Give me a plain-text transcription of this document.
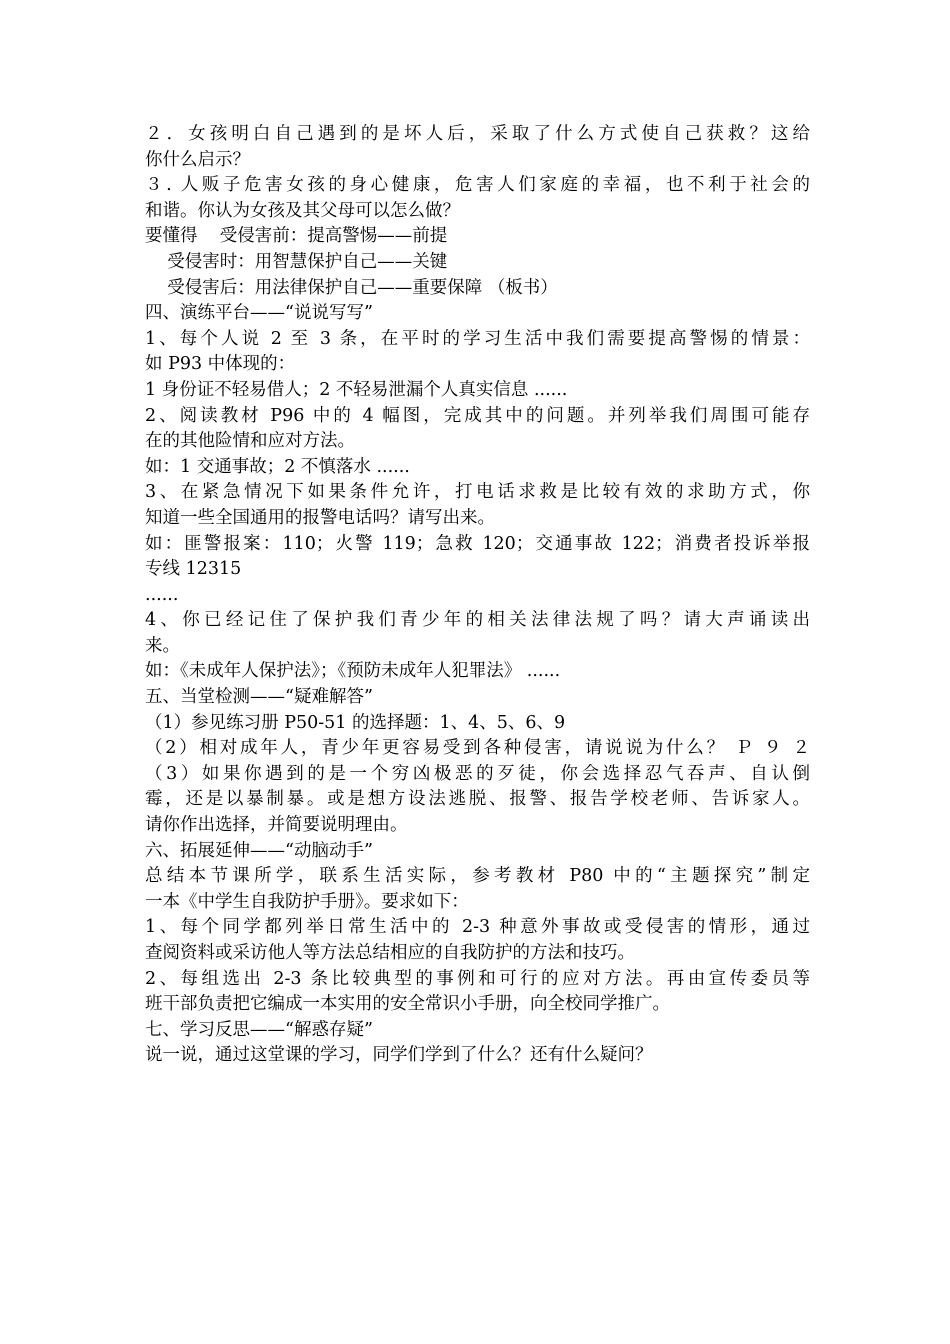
２．女孩明白自己遇到的是坏人后，采取了什么方式使自己获救？这给
你什么启示？
３. 人贩子危害女孩的身心健康，危害人们家庭的幸福，也不利于社会的
和谐。你认为女孩及其父母可以怎么做？
要懂得    受侵害前：提高警惕——前提
受侵害时：用智慧保护自己——关键
受侵害后：用法律保护自己——重要保障 （板书）
四、演练平台——“说说写写”
1、每个人说 2 至 3 条，在平时的学习生活中我们需要提高警惕的情景：
如 P93 中体现的：
1 身份证不轻易借人；2 不轻易泄漏个人真实信息 ......
2、阅读教材 P96 中的 4 幅图，完成其中的问题。并列举我们周围可能存
在的其他险情和应对方法。
如：1 交通事故；2 不慎落水 ......
3、在紧急情况下如果条件允许，打电话求救是比较有效的求助方式，你
知道一些全国通用的报警电话吗？请写出来。
如：匪警报案：110；火警 119；急救 120；交通事故 122；消费者投诉举报
专线 12315
......
4、你已经记住了保护我们青少年的相关法律法规了吗？请大声诵读出
来。
如：《未成年人保护法》；《预防未成年人犯罪法》 ......
五、当堂检测——“疑难解答”
（1）参见练习册 P50-51 的选择题：1、4、5、6、9
（2）相对成年人，青少年更容易受到各种侵害，请说说为什么？ Ｐ ９ ２
（3）如果你遇到的是一个穷凶极恶的歹徒，你会选择忍气吞声、自认倒
霉，还是以暴制暴。或是想方设法逃脱、报警、报告学校老师、告诉家人。
请你作出选择，并简要说明理由。
六、拓展延伸——“动脑动手”
总结本节课所学，联系生活实际，参考教材 P80 中的“主题探究”制定
一本《中学生自我防护手册》。要求如下：
1、每个同学都列举日常生活中的 2-3 种意外事故或受侵害的情形，通过
查阅资料或采访他人等方法总结相应的自我防护的方法和技巧。
2、每组选出 2-3 条比较典型的事例和可行的应对方法。再由宣传委员等
班干部负责把它编成一本实用的安全常识小手册，向全校同学推广。
七、学习反思——“解惑存疑”
说一说，通过这堂课的学习，同学们学到了什么？还有什么疑问？
